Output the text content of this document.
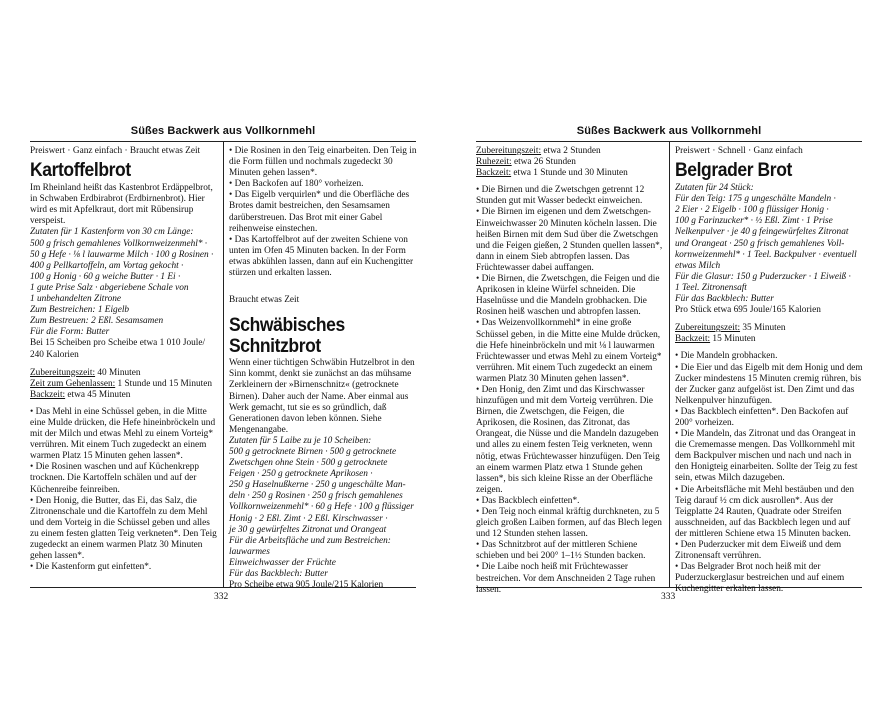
Süßes Backwerk aus Vollkornmehl

Preiswert · Ganz einfach · Braucht etwas Zeit

Kartoffelbrot

Im Rheinland heißt das Kastenbrot Erdäppelbrot, in Schwaben Erdbirabrot (Erdbirnenbrot). Hier wird es mit Apfelkraut, dort mit Rübensirup verspeist.

Zutaten für 1 Kastenform von 30 cm Länge:

500 g frisch gemahlenes Vollkornweizenmehl* ·

50 g Hefe · ⅛ l lauwarme Milch · 100 g Rosinen ·

400 g Pellkartoffeln, am Vortag gekocht ·

100 g Honig · 60 g weiche Butter · 1 Ei ·

1 gute Prise Salz · abgeriebene Schale von

1 unbehandelten Zitrone

Zum Bestreichen: 1 Eigelb

Zum Bestreuen: 2 Eßl. Sesamsamen

Für die Form: Butter

Bei 15 Scheiben pro Scheibe etwa 1 010 Joule/ 240 Kalorien

Zubereitungszeit: 40 Minuten

Zeit zum Gehenlassen: 1 Stunde und 15 Minuten

Backzeit: etwa 45 Minuten

• Das Mehl in eine Schüssel geben, in die Mitte eine Mulde drücken, die Hefe hineinbröckeln und mit der Milch und etwas Mehl zu einem Vorteig* verrühren. Mit einem Tuch zugedeckt an einem warmen Platz 15 Minuten gehen lassen*.

• Die Rosinen waschen und auf Küchenkrepp trocknen. Die Kartoffeln schälen und auf der Küchenreibe feinreiben.

• Den Honig, die Butter, das Ei, das Salz, die Zitronenschale und die Kartoffeln zu dem Mehl und dem Vorteig in die Schüssel geben und alles zu einem festen glatten Teig verkneten*. Den Teig zugedeckt an einem warmen Platz 30 Minuten gehen lassen*.

• Die Kastenform gut einfetten*.

• Die Rosinen in den Teig einarbeiten. Den Teig in die Form füllen und nochmals zugedeckt 30 Minuten gehen lassen*.

• Den Backofen auf 180° vorheizen.

• Das Eigelb verquirlen* und die Oberfläche des Brotes damit bestreichen, den Sesamsamen darüberstreuen. Das Brot mit einer Gabel reihenweise einstechen.

• Das Kartoffelbrot auf der zweiten Schiene von unten im Ofen 45 Minuten backen. In der Form etwas abkühlen lassen, dann auf ein Kuchengitter stürzen und erkalten lassen.

Braucht etwas Zeit

Schwäbisches
Schnitzbrot

Wenn einer tüchtigen Schwäbin Hutzelbrot in den Sinn kommt, denkt sie zunächst an das mühsame Zerkleinern der »Birnenschnitz« (getrocknete Birnen). Daher auch der Name. Aber einmal aus Werk gemacht, tut sie es so gründlich, daß Generationen davon leben können. Siehe Mengenangabe.

Zutaten für 5 Laibe zu je 10 Scheiben:

500 g getrocknete Birnen · 500 g getrocknete

Zwetschgen ohne Stein · 500 g getrocknete

Feigen · 250 g getrocknete Aprikosen ·

250 g Haselnußkerne · 250 g ungeschälte Man-

deln · 250 g Rosinen · 250 g frisch gemahlenes

Vollkornweizenmehl* · 60 g Hefe · 100 g flüssiger

Honig · 2 Eßl. Zimt · 2 Eßl. Kirschwasser ·

je 30 g gewürfeltes Zitronat und Orangeat

Für die Arbeitsfläche und zum Bestreichen: lauwarmes

Einweichwasser der Früchte

Für das Backblech: Butter

Pro Scheibe etwa 905 Joule/215 Kalorien

332
Süßes Backwerk aus Vollkornmehl

Zubereitungszeit: etwa 2 Stunden

Ruhezeit: etwa 26 Stunden

Backzeit: etwa 1 Stunde und 30 Minuten

• Die Birnen und die Zwetschgen getrennt 12 Stunden gut mit Wasser bedeckt einweichen.

• Die Birnen im eigenen und dem Zwetschgen-Einweichwasser 20 Minuten köcheln lassen. Die heißen Birnen mit dem Sud über die Zwetschgen und die Feigen gießen, 2 Stunden quellen lassen*, dann in einem Sieb abtropfen lassen. Das Früchtewasser dabei auffangen.

• Die Birnen, die Zwetschgen, die Feigen und die Aprikosen in kleine Würfel schneiden. Die Haselnüsse und die Mandeln grobhacken. Die Rosinen heiß waschen und abtropfen lassen.

• Das Weizenvollkornmehl* in eine große Schüssel geben, in die Mitte eine Mulde drücken, die Hefe hineinbröckeln und mit ⅛ l lauwarmen Früchtewasser und etwas Mehl zu einem Vorteig* verrühren. Mit einem Tuch zugedeckt an einem warmen Platz 30 Minuten gehen lassen*.

• Den Honig, den Zimt und das Kirschwasser hinzufügen und mit dem Vorteig verrühren. Die Birnen, die Zwetschgen, die Feigen, die Aprikosen, die Rosinen, das Zitronat, das Orangeat, die Nüsse und die Mandeln dazugeben und alles zu einem festen Teig verkneten, wenn nötig, etwas Früchtewasser hinzufügen. Den Teig an einem warmen Platz etwa 1 Stunde gehen lassen*, bis sich kleine Risse an der Oberfläche zeigen.

• Das Backblech einfetten*.

• Den Teig noch einmal kräftig durchkneten, zu 5 gleich großen Laiben formen, auf das Blech legen und 12 Stunden stehen lassen.

• Das Schnitzbrot auf der mittleren Schiene schieben und bei 200° 1–1½ Stunden backen.

• Die Laibe noch heiß mit Früchtewasser bestreichen. Vor dem Anschneiden 2 Tage ruhen lassen.

Preiswert · Schnell · Ganz einfach

Belgrader Brot

Zutaten für 24 Stück:

Für den Teig: 175 g ungeschälte Mandeln ·

2 Eier · 2 Eigelb · 100 g flüssiger Honig ·

100 g Farinzucker* · ½ Eßl. Zimt · 1 Prise

Nelkenpulver · je 40 g feingewürfeltes Zitronat

und Orangeat · 250 g frisch gemahlenes Voll-

kornweizenmehl* · 1 Teel. Backpulver · eventuell

etwas Milch

Für die Glasur: 150 g Puderzucker · 1 Eiweiß ·

1 Teel. Zitronensaft

Für das Backblech: Butter

Pro Stück etwa 695 Joule/165 Kalorien

Zubereitungszeit: 35 Minuten

Backzeit: 15 Minuten

• Die Mandeln grobhacken.

• Die Eier und das Eigelb mit dem Honig und dem Zucker mindestens 15 Minuten cremig rühren, bis der Zucker ganz aufgelöst ist. Den Zimt und das Nelkenpulver hinzufügen.

• Das Backblech einfetten*. Den Backofen auf 200° vorheizen.

• Die Mandeln, das Zitronat und das Orangeat in die Crememasse mengen. Das Vollkornmehl mit dem Backpulver mischen und nach und nach in den Honigteig einarbeiten. Sollte der Teig zu fest sein, etwas Milch dazugeben.

• Die Arbeitsfläche mit Mehl bestäuben und den Teig darauf ½ cm dick ausrollen*. Aus der Teigplatte 24 Rauten, Quadrate oder Streifen ausschneiden, auf das Backblech legen und auf der mittleren Schiene etwa 15 Minuten backen.

• Den Puderzucker mit dem Eiweiß und dem Zitronensaft verrühren.

• Das Belgrader Brot noch heiß mit der Puderzuckerglasur bestreichen und auf einem Kuchengitter erkalten lassen.

333
